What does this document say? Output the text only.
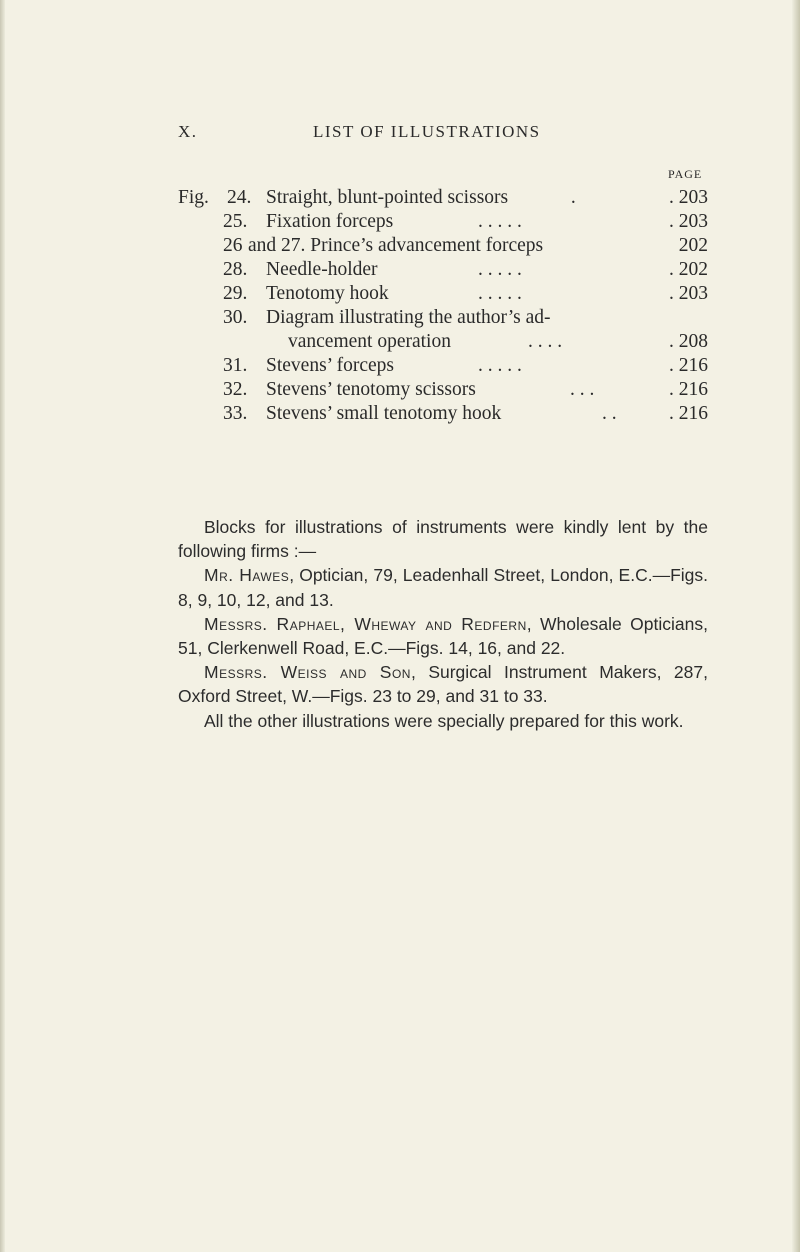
X.	LIST OF ILLUSTRATIONS
PAGE
Fig. 24. Straight, blunt-pointed scissors	.	. 203
25. Fixation forceps	. . . . .	. 203
26 and 27. Prince’s advancement forceps	202
28. Needle-holder	. . . . .	. 202
29. Tenotomy hook	. . . . .	. 203
30. Diagram illustrating the author’s ad-
vancement operation	. . . .	. 208
31. Stevens’ forceps	. . . . .	. 216
32. Stevens’ tenotomy scissors	. . .	. 216
33. Stevens’ small tenotomy hook	. .	. 216

Blocks for illustrations of instruments were kindly lent by the following firms :—

Mr. Hawes, Optician, 79, Leadenhall Street, London, E.C.—Figs. 8, 9, 10, 12, and 13.

Messrs. Raphael, Wheway and Redfern, Wholesale Opticians, 51, Clerkenwell Road, E.C.—Figs. 14, 16, and 22.

Messrs. Weiss and Son, Surgical Instrument Makers, 287, Oxford Street, W.—Figs. 23 to 29, and 31 to 33.

All the other illustrations were specially prepared for this work.
